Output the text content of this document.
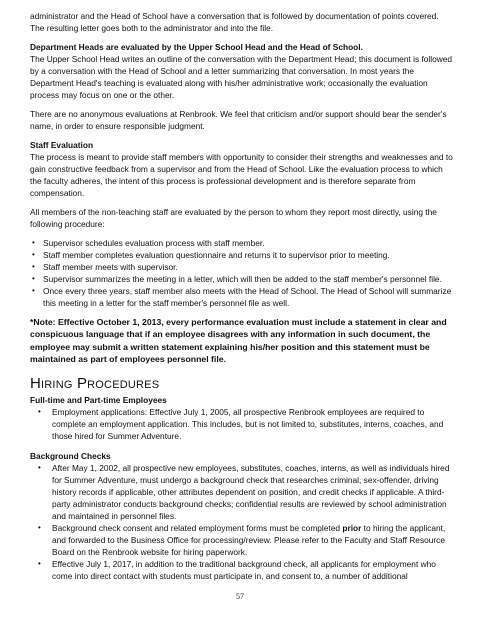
administrator and the Head of School have a conversation that is followed by documentation of points covered. The resulting letter goes both to the administrator and into the file.

Department Heads are evaluated by the Upper School Head and the Head of School.

The Upper School Head writes an outline of the conversation with the Department Head; this document is followed by a conversation with the Head of School and a letter summarizing that conversation. In most years the Department Head's teaching is evaluated along with his/her administrative work; occasionally the evaluation process may focus on one or the other.

There are no anonymous evaluations at Renbrook. We feel that criticism and/or support should bear the sender's name, in order to ensure responsible judgment.

Staff Evaluation

The process is meant to provide staff members with opportunity to consider their strengths and weaknesses and to gain constructive feedback from a supervisor and from the Head of School. Like the evaluation process to which the faculty adheres, the intent of this process is professional development and is therefore separate from compensation.

All members of the non-teaching staff are evaluated by the person to whom they report most directly, using the following procedure:

• Supervisor schedules evaluation process with staff member.
• Staff member completes evaluation questionnaire and returns it to supervisor prior to meeting.
• Staff member meets with supervisor.
• Supervisor summarizes the meeting in a letter, which will then be added to the staff member's personnel file.
• Once every three years, staff member also meets with the Head of School. The Head of School will summarize this meeting in a letter for the staff member's personnel file as well.

*Note: Effective October 1, 2013, every performance evaluation must include a statement in clear and conspicuous language that if an employee disagrees with any information in such document, the employee may submit a written statement explaining his/her position and this statement must be maintained as part of employees personnel file.

Hiring Procedures

Full-time and Part-time Employees

• Employment applications: Effective July 1, 2005, all prospective Renbrook employees are required to complete an employment application. This includes, but is not limited to, substitutes, interns, coaches, and those hired for Summer Adventure.

Background Checks

• After May 1, 2002, all prospective new employees, substitutes, coaches, interns, as well as individuals hired for Summer Adventure, must undergo a background check that researches criminal, sex-offender, driving history records if applicable, other attributes dependent on position, and credit checks if applicable. A third-party administrator conducts background checks; confidential results are reviewed by school administration and maintained in personnel files.
• Background check consent and related employment forms must be completed prior to hiring the applicant, and forwarded to the Business Office for processing/review. Please refer to the Faculty and Staff Resource Board on the Renbrook website for hiring paperwork.
• Effective July 1, 2017, in addition to the traditional background check, all applicants for employment who come into direct contact with students must participate in, and consent to, a number of additional
57
